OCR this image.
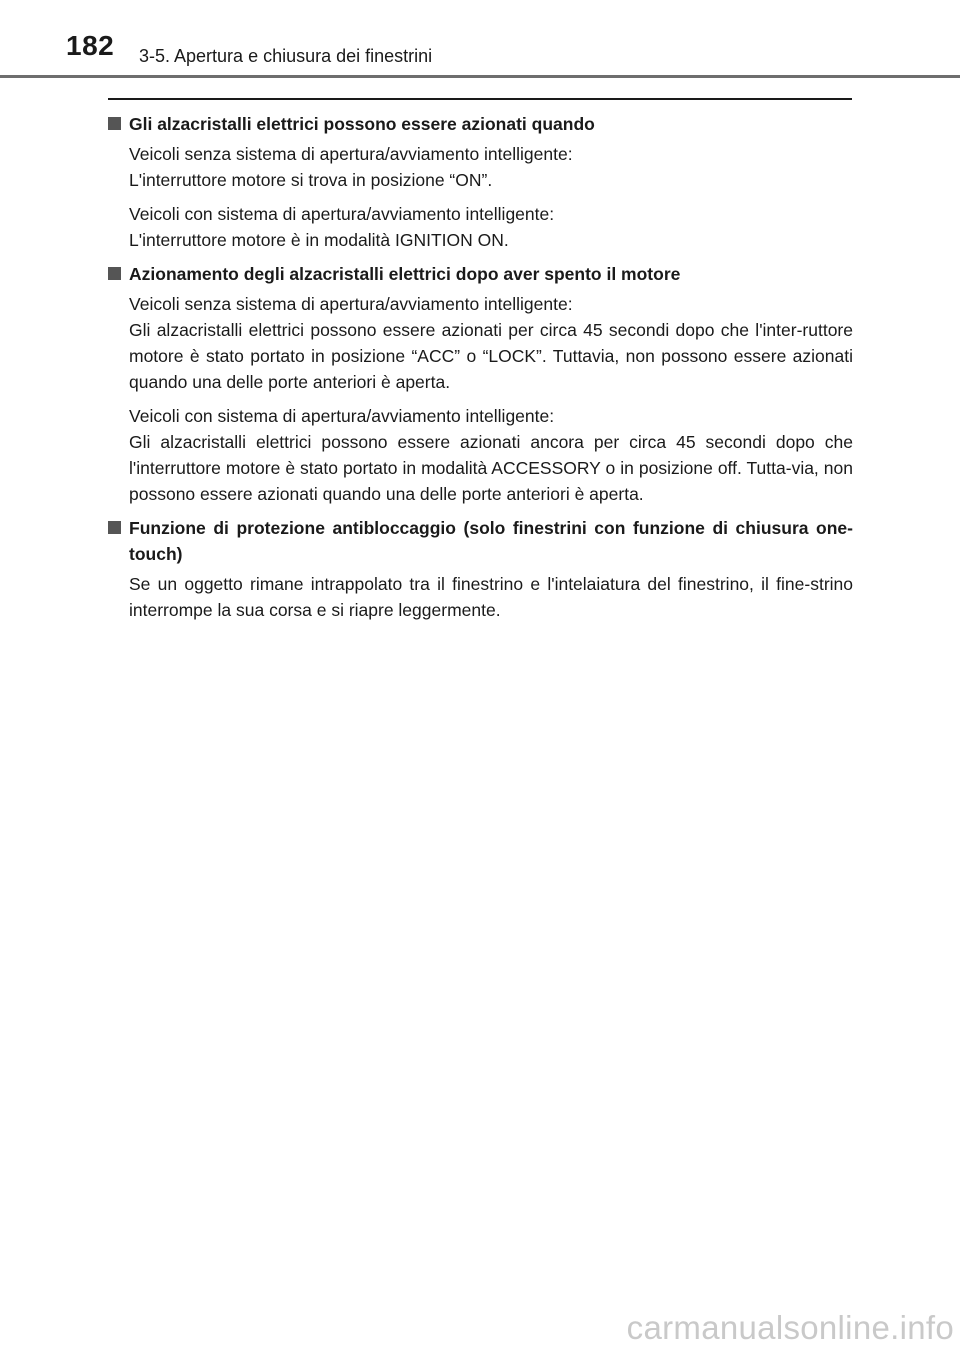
182 3-5. Apertura e chiusura dei finestrini
Gli alzacristalli elettrici possono essere azionati quando
Veicoli senza sistema di apertura/avviamento intelligente:
L'interruttore motore si trova in posizione “ON”.
Veicoli con sistema di apertura/avviamento intelligente:
L'interruttore motore è in modalità IGNITION ON.
Azionamento degli alzacristalli elettrici dopo aver spento il motore
Veicoli senza sistema di apertura/avviamento intelligente:
Gli alzacristalli elettrici possono essere azionati per circa 45 secondi dopo che l'inter-ruttore motore è stato portato in posizione “ACC” o “LOCK”. Tuttavia, non possono essere azionati quando una delle porte anteriori è aperta.
Veicoli con sistema di apertura/avviamento intelligente:
Gli alzacristalli elettrici possono essere azionati ancora per circa 45 secondi dopo che l'interruttore motore è stato portato in modalità ACCESSORY o in posizione off. Tutta-via, non possono essere azionati quando una delle porte anteriori è aperta.
Funzione di protezione antibloccaggio (solo finestrini con funzione di chiusura one-touch)
Se un oggetto rimane intrappolato tra il finestrino e l'intelaiatura del finestrino, il fine-strino interrompe la sua corsa e si riapre leggermente.
carmanualsonline.info
